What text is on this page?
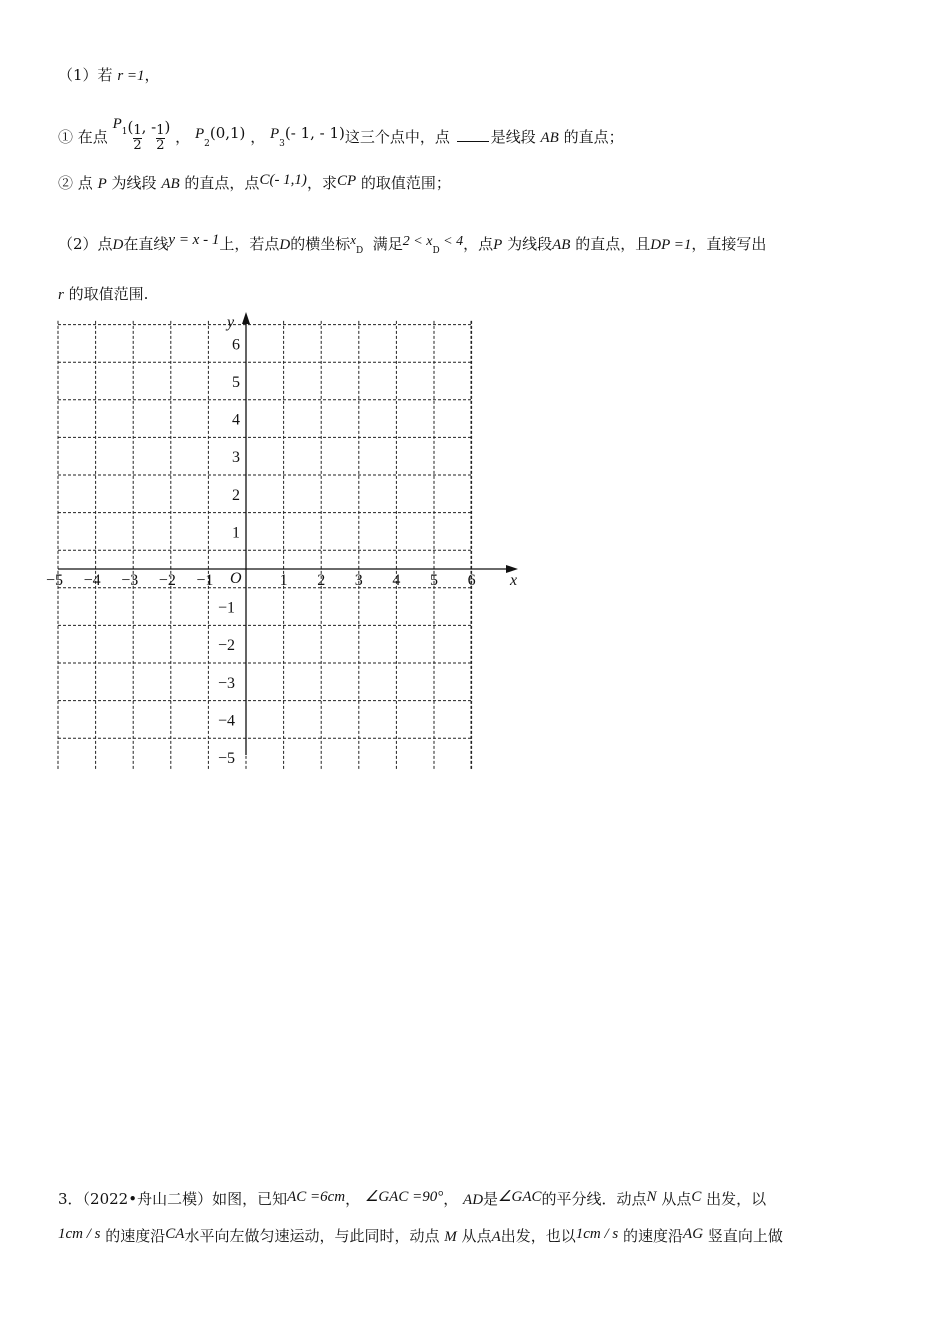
（1）若 r =1，
① 在点 $P^1(\frac{1}{2}$, $-\frac{1}{2}$) ， $P_2(0,1)$ ， $P_3(-$ 1, - 1)这三个点中，点	是线段 AB 的直点；
② 点 P 为线段 AB 的直点，点C(- 1,1)，求CP 的取值范围；
（2）点D在直线y = x - 1上，若点D的横坐标$x_D$ 满足$2 < x_D < 4$，点P 为线段AB 的直点，且DP =1，直接写出
r 的取值范围.
x
y
O
−5 −4 −3 −2 −1	1 2 3 4 5 6
6
5
4
3
2
1
−1
−2
−3
−4
−5
3．（2022•舟山二模）如图，已知AC =6cm， ∠GAC =90°， AD是∠GAC的平分线．动点N 从点C 出发，以
1cm / s 的速度沿CA水平向左做匀速运动，与此同时，动点 M 从点A出发，也以1cm / s 的速度沿AG 竖直向上做
